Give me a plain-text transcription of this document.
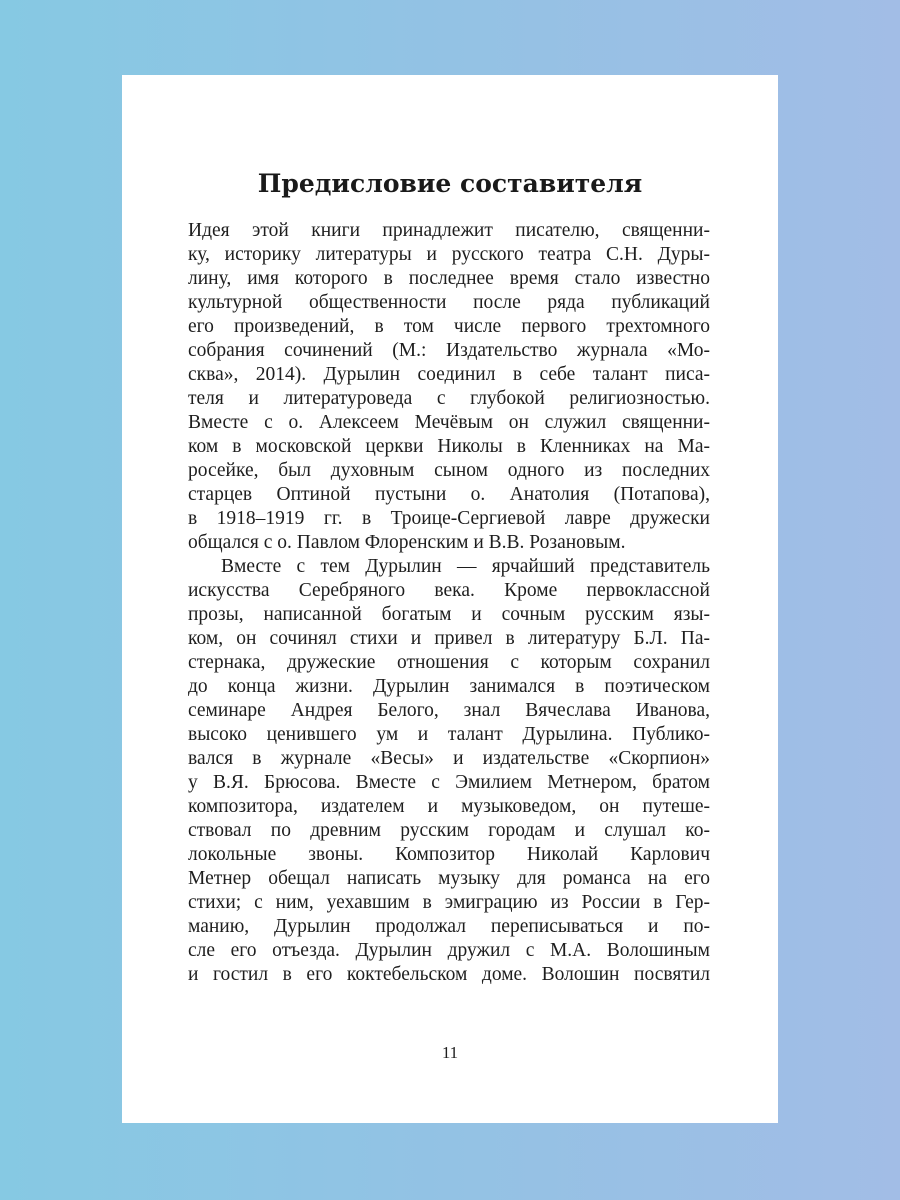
Предисловие составителя
Идея этой книги принадлежит писателю, священни-
ку, историку литературы и русского театра С.Н. Дуры-
лину, имя которого в последнее время стало известно
культурной общественности после ряда публикаций
его произведений, в том числе первого трехтомного
собрания сочинений (М.: Издательство журнала «Мо-
сква», 2014). Дурылин соединил в себе талант писа-
теля и литературоведа с глубокой религиозностью.
Вместе с о. Алексеем Мечёвым он служил священни-
ком в московской церкви Николы в Кленниках на Ма-
росейке, был духовным сыном одного из последних
старцев Оптиной пустыни о. Анатолия (Потапова),
в 1918–1919 гг. в Троице-Сергиевой лавре дружески
общался с о. Павлом Флоренским и В.В. Розановым.
Вместе с тем Дурылин — ярчайший представитель
искусства Серебряного века. Кроме первоклассной
прозы, написанной богатым и сочным русским язы-
ком, он сочинял стихи и привел в литературу Б.Л. Па-
стернака, дружеские отношения с которым сохранил
до конца жизни. Дурылин занимался в поэтическом
семинаре Андрея Белого, знал Вячеслава Иванова,
высоко ценившего ум и талант Дурылина. Публико-
вался в журнале «Весы» и издательстве «Скорпион»
у В.Я. Брюсова. Вместе с Эмилием Метнером, братом
композитора, издателем и музыковедом, он путеше-
ствовал по древним русским городам и слушал ко-
локольные звоны. Композитор Николай Карлович
Метнер обещал написать музыку для романса на его
стихи; с ним, уехавшим в эмиграцию из России в Гер-
манию, Дурылин продолжал переписываться и по-
сле его отъезда. Дурылин дружил с М.А. Волошиным
и гостил в его коктебельском доме. Волошин посвятил
11
